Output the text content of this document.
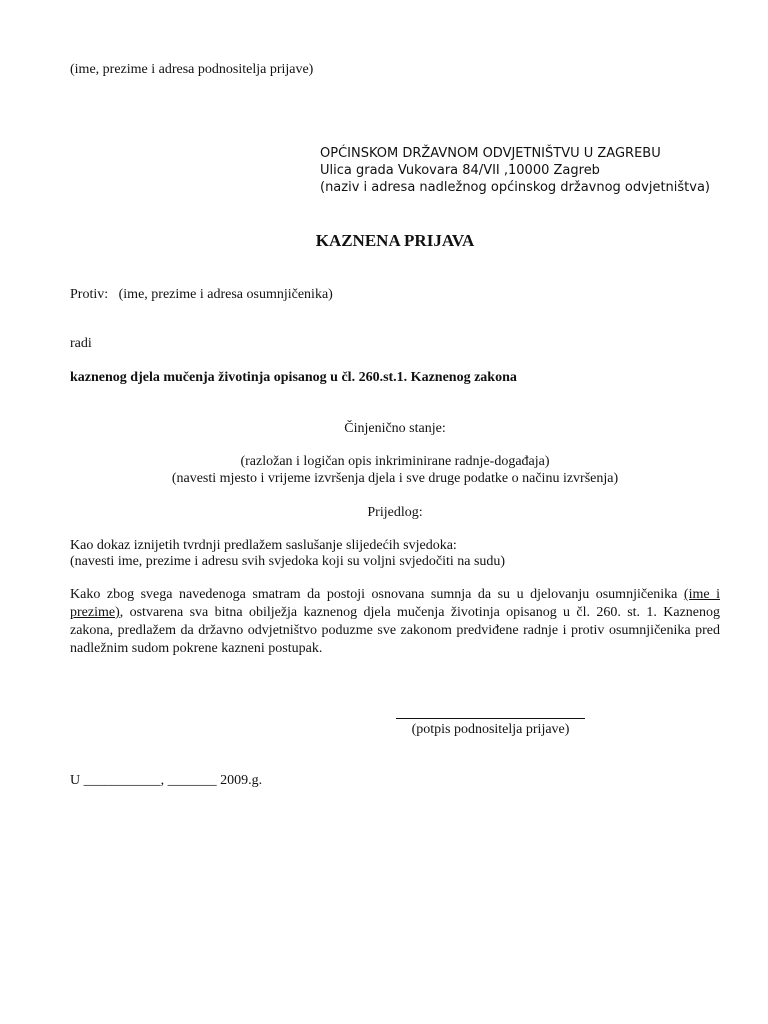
(ime, prezime i adresa podnositelja prijave)
OPĆINSKOM DRŽAVNOM ODVJETNIŠTVU U ZAGREBU
Ulica grada Vukovara 84/VII ,10000 Zagreb
(naziv i adresa nadležnog općinskog državnog odvjetništva)
KAZNENA PRIJAVA
Protiv: (ime, prezime i adresa osumnjičenika)
radi
kaznenog djela mučenja životinja opisanog u čl. 260.st.1. Kaznenog zakona
Činjenično stanje:
(razložan i logičan opis inkriminirane radnje-događaja)
(navesti mjesto i vrijeme izvršenja djela i sve druge podatke o načinu izvršenja)
Prijedlog:
Kao dokaz iznijetih tvrdnji predlažem saslušanje slijedećih svjedoka:
(navesti ime, prezime i adresu svih svjedoka koji su voljni svjedočiti na sudu)
Kako zbog svega navedenoga smatram da postoji osnovana sumnja da su u djelovanju osumnjičenika (ime i prezime), ostvarena sva bitna obilježja kaznenog djela mučenja životinja opisanog u čl. 260. st. 1. Kaznenog zakona, predlažem da državno odvjetništvo poduzme sve zakonom predviđene radnje i protiv osumnjičenika pred nadležnim sudom pokrene kazneni postupak.
(potpis podnositelja prijave)
U ___________, _______ 2009.g.
